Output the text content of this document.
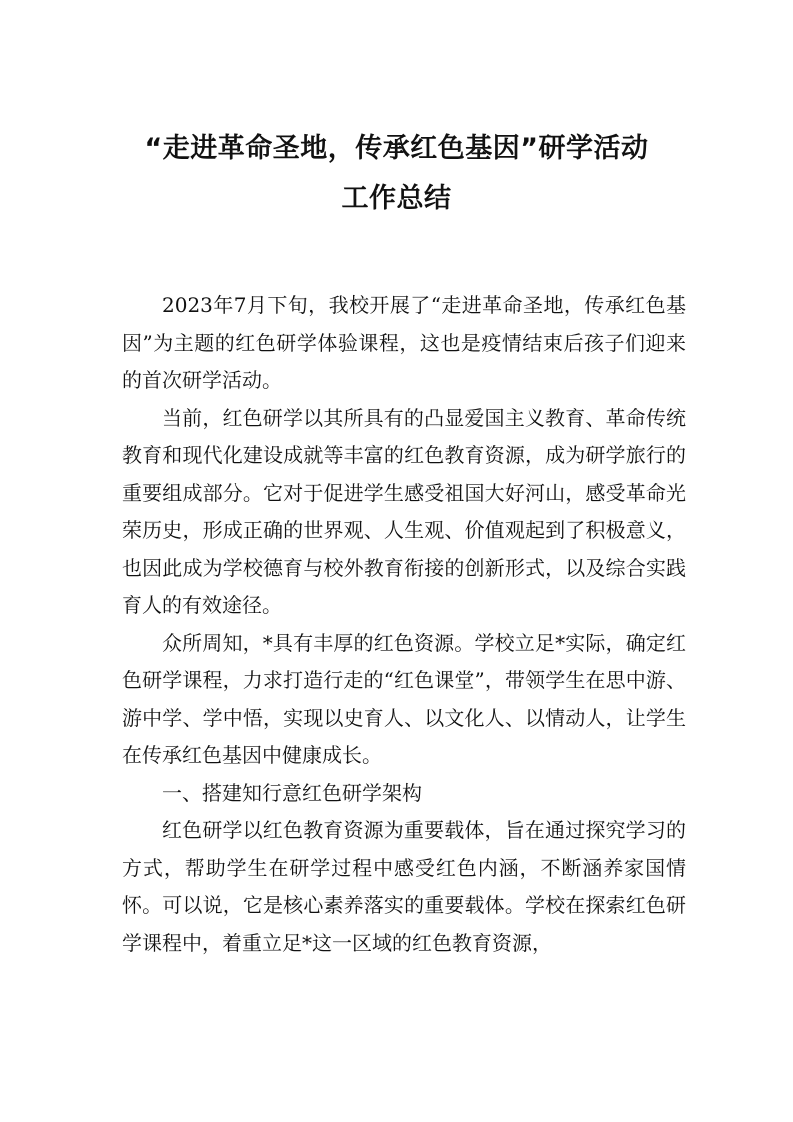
“走进革命圣地，传承红色基因”研学活动
工作总结

2023年7月下旬，我校开展了“走进革命圣地，传承红色基因”为主题的红色研学体验课程，这也是疫情结束后孩子们迎来的首次研学活动。

当前，红色研学以其所具有的凸显爱国主义教育、革命传统教育和现代化建设成就等丰富的红色教育资源，成为研学旅行的重要组成部分。它对于促进学生感受祖国大好河山，感受革命光荣历史，形成正确的世界观、人生观、价值观起到了积极意义，也因此成为学校德育与校外教育衔接的创新形式，以及综合实践育人的有效途径。

众所周知，*具有丰厚的红色资源。学校立足*实际，确定红色研学课程，力求打造行走的“红色课堂”，带领学生在思中游、游中学、学中悟，实现以史育人、以文化人、以情动人，让学生在传承红色基因中健康成长。

一、搭建知行意红色研学架构

红色研学以红色教育资源为重要载体，旨在通过探究学习的方式，帮助学生在研学过程中感受红色内涵，不断涵养家国情怀。可以说，它是核心素养落实的重要载体。学校在探索红色研学课程中，着重立足*这一区域的红色教育资源，
